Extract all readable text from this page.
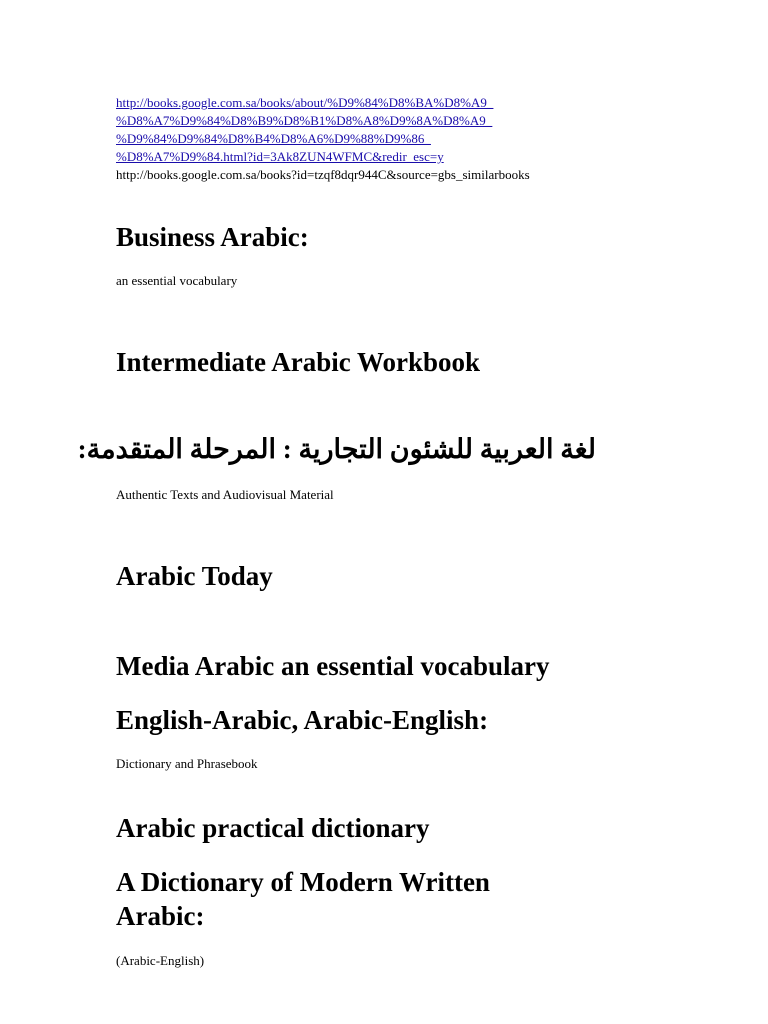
http://books.google.com.sa/books/about/%D9%84%D8%BA%D8%A9_
%D8%A7%D9%84%D8%B9%D8%B1%D8%A8%D9%8A%D8%A9_
%D9%84%D9%84%D8%B4%D8%A6%D9%88%D9%86_
%D8%A7%D9%84.html?id=3Ak8ZUN4WFMC&redir_esc=y
http://books.google.com.sa/books?id=tzqf8dqr944C&source=gbs_similarbooks
Business Arabic:

an essential vocabulary

Intermediate Arabic Workbook
لغة العربية للشئون التجارية : المرحلة المتقدمة:

Authentic Texts and Audiovisual Material

Arabic Today
Media Arabic an essential vocabulary
English-Arabic, Arabic-English:

Dictionary and Phrasebook

Arabic practical dictionary
A Dictionary of Modern Written
Arabic:

(Arabic-English)
